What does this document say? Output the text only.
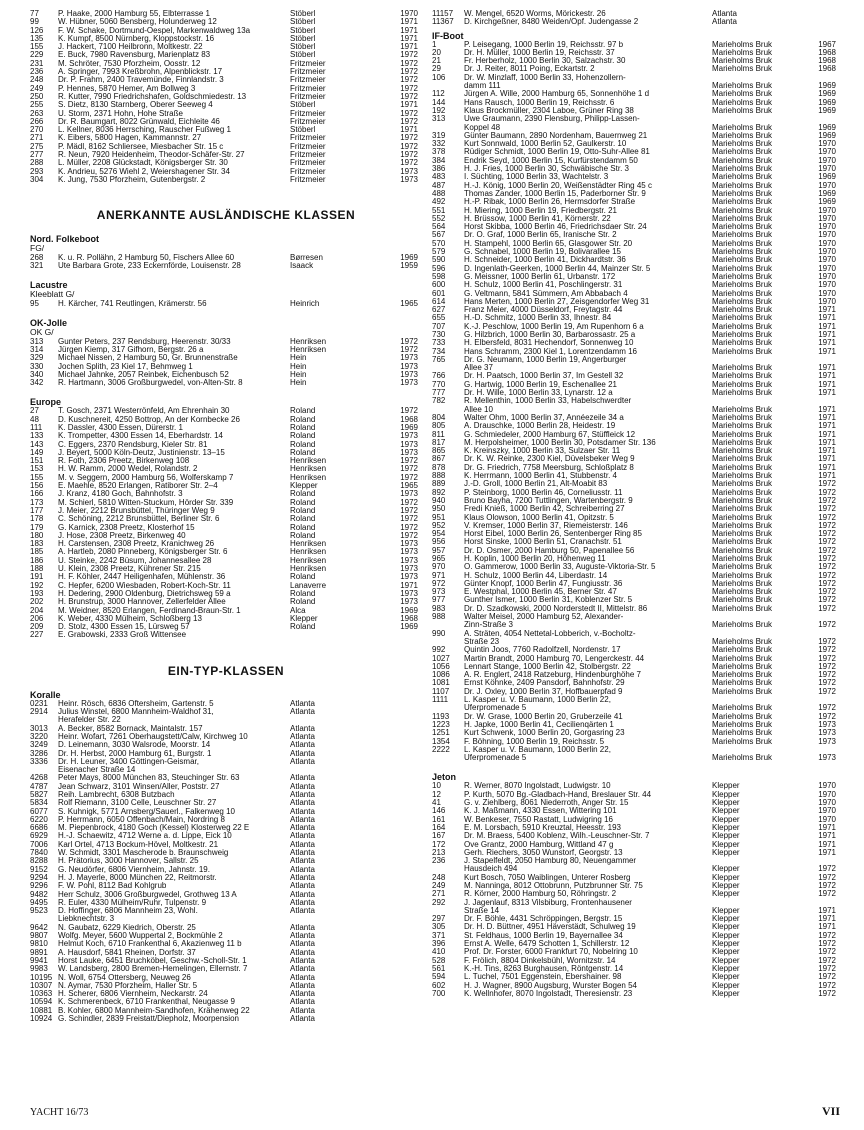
77	P. Haake, 2000 Hamburg 55, Elbterrasse 1	Stöberl	1970
99	W. Hübner, 5060 Bensberg, Holunderweg 12	Stöberl	1971
126	F. W. Schake, Dortmund-Oespel, Markenwaldweg 13a	Stöberl	1971
135	K. Kumpf, 8500 Nürnberg, Kloppstockstr. 16	Stöberl	1971
155	J. Hackert, 7100 Heilbronn, Moltkestr. 22	Stöberl	1971
229	E. Buck, 7980 Ravensburg, Marienplatz 83	Stöberl	1972
231	M. Schröter, 7530 Pforzheim, Oosstr. 12	Fritzmeier	1972
236	A. Springer, 7993 Kreßbrohn, Alpenblickstr. 17	Fritzmeier	1972
248	Dr. P. Frahm, 2400 Travemünde, Finnlandstr. 3	Fritzmeier	1972
249	P. Hennes, 5870 Hemer, Am Bollweg 3	Fritzmeier	1972
250	R. Kutter, 7990 Friedrichshafen, Goldschmiedestr. 13	Fritzmeier	1972
255	S. Dietz, 8130 Starnberg, Oberer Seeweg 4	Stöberl	1971
263	U. Storm, 2371 Hohn, Hohe Straße	Fritzmeier	1972
266	Dr. R. Baumgart, 8022 Grünwald, Eichleite 46	Fritzmeier	1972
270	L. Kellner, 8036 Herrsching, Rauscher Fußweg 1	Stöberl	1971
271	K. Eibers, 5800 Hagen, Kammannstr. 27	Fritzmeier	1972
275	P. Mädl, 8162 Schliersee, Miesbacher Str. 15 c	Fritzmeier	1972
277	R. Neun, 7920 Heidenheim, Theodor-Schäfer-Str. 27	Fritzmeier	1972
288	L. Müller, 2208 Glückstadt, Königsberger Str. 30	Fritzmeier	1972
293	K. Andrieu, 5276 Wiehl 2, Weiershagener Str. 34	Fritzmeier	1973
304	K. Jung, 7530 Pforzheim, Gutenbergstr. 2	Fritzmeier	1973
ANERKANNTE AUSLÄNDISCHE KLASSEN
Nord. Folkeboot
FG/
268	K. u. R. Pollähn, 2 Hamburg 50, Fischers Allee 60	Børresen	1969
321	Ute Barbara Grote, 233 Eckernförde, Louisenstr. 28	Isaack	1959
Lacustre
Kleeblatt G/
95	H. Kärcher, 741 Reutlingen, Krämerstr. 56	Heinrich	1965
OK-Jolle
OK G/
313	Gunter Peters, 237 Rendsburg, Heerenstr. 30/33	Henriksen	1972
314	Jürgen Kiemp, 317 Gifhorn, Bergstr. 26 a	Henriksen	1972
329	Michael Nissen, 2 Hamburg 50, Gr. Brunnenstraße	Hein	1973
330	Jochen Splith, 23 Kiel 17, Behmweg 1	Hein	1973
340	Michael Jahnke, 2057 Reinbek, Eichenbusch 52	Hein	1973
342	R. Hartmann, 3006 Großburgwedel, von-Alten-Str. 8	Hein	1973
Europe
27	T. Gosch, 2371 Westerrönfeld, Am Ehrenhain 30	Roland	1972
48	D. Kuschnereit, 4250 Bottrop, An der Kornbecke 26	Roland	1968
111	K. Dassler, 4300 Essen, Dürerstr. 1	Roland	1969
133	K. Trompetter, 4300 Essen 14, Eberhardstr. 14	Roland	1973
143	C. Eggers, 2370 Rendsburg, Kieler Str. 81	Roland	1973
149	J. Beyert, 5000 Köln-Deutz, Justinienstr. 13–15	Roland	1973
151	R. Foth, 2306 Preetz, Birkenweg 108	Henriksen	1972
153	H. W. Ramm, 2000 Wedel, Rolandstr. 2	Henriksen	1972
155	M. v. Seggern, 2000 Hamburg 56, Wolferskamp 7	Henriksen	1972
156	E. Maehle, 8520 Erlangen, Ratiborer Str. 2–4	Klepper	1965
166	J. Kranz, 4180 Goch, Bahnhofstr. 3	Roland	1973
173	M. Schierl, 5810 Witten-Stuckum, Hörder Str. 339	Roland	1972
177	J. Meier, 2212 Brunsbüttel, Thüringer Weg 9	Roland	1972
178	C. Schöning, 2212 Brunsbüttel, Berliner Str. 6	Roland	1972
179	G. Karnick, 2308 Preetz, Klosterhof 15	Roland	1972
180	J. Hose, 2308 Preetz, Birkenweg 40	Roland	1972
183	H. Carstensen, 2308 Preetz, Kranichweg 26	Henriksen	1973
185	A. Hartleb, 2080 Pinneberg, Königsberger Str. 6	Henriksen	1973
186	U. Steinke, 2242 Büsum, Johannesallee 28	Henriksen	1973
188	U. Klein, 2308 Preetz, Kührener Str. 215	Henriksen	1973
191	H. F. Köhler, 2447 Heiligenhafen, Mühlenstr. 36	Roland	1973
192	C. Hepfer, 6200 Wiesbaden, Robert-Koch-Str. 11	Lanaverre	1971
193	H. Dedering, 2900 Oldenburg, Dietrichsweg 59 a	Roland	1973
202	H. Brunstrup, 3000 Hannover, Zellerfelder Allee	Roland	1973
204	M. Weidner, 8520 Erlangen, Ferdinand-Braun-Str. 1	Alca	1969
206	K. Weber, 4330 Mülheim, Schloßberg 13	Klepper	1968
209	D. Stolz, 4300 Essen 15, Lürsweg 57	Roland	1969
227	E. Grabowski, 2333 Groß Wittensee
EIN-TYP-KLASSEN
Koralle
0231	Heinr. Rösch, 6836 Oftersheim, Gartenstr. 5	Atlanta
2914	Julius Winstel, 6800 Mannheim-Waldhof 31,	Atlanta
Herafelder Str. 22
3013	A. Becker, 8582 Bornack, Maintalstr. 157	Atlanta
3220	Heinr. Wofart, 7261 Oberhaugstett/Calw, Kirchweg 10	Atlanta
3249	D. Leinemann, 3030 Walsrode, Moorstr. 14	Atlanta
3286	Dr. H. Herbst, 2000 Hamburg 61, Burgstr. 1	Atlanta
3336	Dr. H. Leuner, 3400 Göttingen-Geismar,	Atlanta
Eisenacher Straße 14
4268	Peter Mays, 8000 München 83, Steuchinger Str. 63	Atlanta
4787	Jean Schwarz, 3101 Winsen/Aller, Poststr. 27	Atlanta
5827	Reih. Lambrecht, 6308 Butzbach	Atlanta
5834	Rolf Riemann, 3100 Celle, Leuschner Str. 27	Atlanta
6077	S. Kuhnigk, 5771 Arnsberg/Sauerl., Falkenweg 10	Atlanta
6220	P. Herrmann, 6050 Offenbach/Main, Nordring 8	Atlanta
6686	M. Piepenbrock, 4180 Goch (Kessel) Klosterweg 22 E	Atlanta
6929	H.-J. Schaewitz, 4712 Werne a. d. Lippe, Eick 10	Atlanta
7006	Karl Ortel, 4713 Bockum-Hövel, Moltkestr. 21	Atlanta
7840	W. Schmidt, 3301 Mascherode b. Braunschweig	Atlanta
8288	H. Prätorius, 3000 Hannover, Sallstr. 25	Atlanta
9152	G. Neudörfer, 6806 Viernheim, Jahnstr. 19.	Atlanta
9294	H. J. Mayerle, 8000 München 22, Reitmorstr.	Atlanta
9296	F. W. Pohl, 8112 Bad Kohlgrub	Atlanta
9482	Herr Schulz, 3006 Großburgwedel, Grothweg 13 A	Atlanta
9495	R. Euler, 4330 Mülheim/Ruhr, Tulpenstr. 9	Atlanta
9523	D. Hoffinger, 6806 Mannheim 23, Wohl.	Atlanta
Liebknechtstr. 3
9642	N. Gaubatz, 6229 Kiedrich, Oberstr. 25	Atlanta
9807	Wolfg. Meyer, 5600 Wuppertal 2, Bockmühle 2	Atlanta
9810	Helmut Koch, 6710 Frankenthal 6, Akazienweg 11 b	Atlanta
9891	A. Hausdorf, 5841 Rheinen, Dorfstr. 37	Atlanta
9941	Horst Lauke, 6451 Bruchköbel, Geschw.-Scholl-Str. 1	Atlanta
9983	W. Landsberg, 2800 Bremen-Hemelingen, Ellernstr. 7	Atlanta
10195 N. Woll, 6754 Ottersberg, Neuweg 26	Atlanta
10307 N. Aymar, 7530 Pforzheim, Haller Str. 5	Atlanta
10363 H. Scherer, 6806 Viernheim, Neckarstr. 24	Atlanta
10594 K. Schmerenbeck, 6710 Frankenthal, Neugasse 9	Atlanta
10881 B. Kohler, 6800 Mannheim-Sandhofen, Krähenweg 22	Atlanta
10924 G. Schindler, 2839 Freistatt/Diepholz, Moorpension	Atlanta
11157	W. Mengel, 6520 Worms, Mörickestr. 26	Atlanta
11367	D. Kirchgeßner, 8480 Weiden/Opf. Judengasse 2	Atlanta
IF-Boot
1	P. Leisegang, 1000 Berlin 19, Reichsstr. 97 b	Marieholms Bruk	1967
20	Dr. H. Müller, 1000 Berlin 19, Reichsstr. 37	Marieholms Bruk	1968
21	Fr. Herberholz, 1000 Berlin 30, Salzachstr. 30	Marieholms Bruk	1968
29	Dr. J. Reiter, 8011 Poing, Eckartstr. 2	Marieholms Bruk	1968
106	Dr. W. Minzlaff, 1000 Berlin 33, Hohenzollern-
damm 111	Marieholms Bruk	1969
112	Jürgen A. Wille, 2000 Hamburg 65, Sonnenhöhe 1 d	Marieholms Bruk	1969
144	Hans Rausch, 1000 Berlin 19, Reichsstr. 6	Marieholms Bruk	1969
192	Klaus Brockmüller, 2304 Laboe, Grüner Ring 38	Marieholms Bruk	1969
313	Uwe Graumann, 2390 Flensburg, Philipp-Lassen-
Koppel 48	Marieholms Bruk	1969
319	Günter Baumann, 2890 Nordenham, Bauernweg 21	Marieholms Bruk	1969
332	Kurt Sonnwald, 1000 Berlin 52, Gaulkerstr. 10	Marieholms Bruk	1970
378	Rüdiger Schmidt, 1000 Berlin 19, Otto-Suhr-Allee 81	Marieholms Bruk	1970
384	Endrik Seyd, 1000 Berlin 15, Kurfürstendamm 50	Marieholms Bruk	1970
386	H. J. Fries, 1000 Berlin 30, Schwäbische Str. 3	Marieholms Bruk	1970
483	I. Süchting, 1000 Berlin 33, Wachtelstr. 3	Marieholms Bruk	1969
487	H.-J. König, 1000 Berlin 20, Weißenstädter Ring 45 c	Marieholms Bruk	1970
488	Thomas Zander, 1000 Berlin 15, Paderborner Str. 9	Marieholms Bruk	1969
492	H.-P. Ribak, 1000 Berlin 26, Hermsdorfer Straße	Marieholms Bruk	1969
551	H. Miering, 1000 Berlin 19, Friedbergstr. 21	Marieholms Bruk	1970
552	H. Brüssow, 1000 Berlin 41, Körnerstr. 22	Marieholms Bruk	1970
564	Horst Skibba, 1000 Berlin 46, Friedrichsdaer Str. 24	Marieholms Bruk	1970
567	Dr. O. Graf, 1000 Berlin 65, Iranische Str. 2	Marieholms Bruk	1970
570	H. Stampehl, 1000 Berlin 65, Glasgower Str. 20	Marieholms Bruk	1970
579	G. Schnabel, 1000 Berlin 19, Bolivarallee 15	Marieholms Bruk	1970
590	H. Schneider, 1000 Berlin 41, Dickhardtstr. 36	Marieholms Bruk	1970
596	D. Ingenlath-Geerken, 1000 Berlin 44, Mainzer Str. 5	Marieholms Bruk	1970
598	G. Meissner, 1000 Berlin 61, Urbanstr. 172	Marieholms Bruk	1970
600	H. Schulz, 1000 Berlin 41, Poschlingerstr. 31	Marieholms Bruk	1970
601	G. Veltmann, 5841 Sümmern, Am Abbabach 4	Marieholms Bruk	1970
614	Hans Merten, 1000 Berlin 27, Zeisgendorfer Weg 31	Marieholms Bruk	1970
627	Franz Meier, 4000 Düsseldorf, Freytagstr. 44	Marieholms Bruk	1971
655	H.-D. Schmitz, 1000 Berlin 33, Ihnestr. 84	Marieholms Bruk	1971
707	K.-J. Peschlow, 1000 Berlin 19, Am Rupenhorn 6 a	Marieholms Bruk	1971
730	G. Hilzbrich, 1000 Berlin 30, Barbarossastr. 25 a	Marieholms Bruk	1971
733	H. Elbersfeld, 8031 Hechendorf, Sonnenweg 10	Marieholms Bruk	1971
734	Hans Schramm, 2300 Kiel 1, Lorentzendamm 16	Marieholms Bruk	1971
765	Dr. G. Neumann, 1000 Berlin 19, Angerburger
Allee 37	Marieholms Bruk	1971
766	Dr. H. Paatsch, 1000 Berlin 37, Im Gestell 32	Marieholms Bruk	1971
770	G. Hartwig, 1000 Berlin 19, Eschenallee 21	Marieholms Bruk	1971
777	Dr. H. Wille, 1000 Berlin 33, Lynarstr. 12 a	Marieholms Bruk	1971
782	R. Mellenthin, 1000 Berlin 33, Habelschwerdter
Allee 10	Marieholms Bruk	1971
804	Walter Ohm, 1000 Berlin 37, Annéezeile 34 a	Marieholms Bruk	1971
805	A. Drauschke, 1000 Berlin 28, Heidestr. 19	Marieholms Bruk	1971
811	G. Schmiedeler, 2000 Hamburg 67, Stüffleick 12	Marieholms Bruk	1971
817	M. Herpolsheimer, 1000 Berlin 30, Potsdamer Str. 136	Marieholms Bruk	1971
865	K. Kreinszky, 1000 Berlin 33, Sulzaer Str. 11	Marieholms Bruk	1971
867	Dr. K. W. Reinke, 2300 Kiel, Düvelsbeker Weg 9	Marieholms Bruk	1971
878	Dr. G. Friedrich, 7758 Meersburg, Schloßplatz 8	Marieholms Bruk	1971
888	K. Herrmann, 1000 Berlin 41, Stubbenstr. 4	Marieholms Bruk	1971
889	J.-D. Groll, 1000 Berlin 21, Alt-Moabit 83	Marieholms Bruk	1972
892	P. Steinborg, 1000 Berlin 46, Corneliusstr. 11	Marieholms Bruk	1972
940	Bruno Bayha, 7200 Tuttlingen, Wartenbergstr. 9	Marieholms Bruk	1972
950	Fredi Knieß, 1000 Berlin 42, Schreiberring 27	Marieholms Bruk	1972
951	Klaus Olowson, 1000 Berlin 41, Opitzstr. 5	Marieholms Bruk	1972
952	V. Kremser, 1000 Berlin 37, Riemeisterstr. 146	Marieholms Bruk	1972
954	Horst Eibel, 1000 Berlin 26, Sentenberger Ring 85	Marieholms Bruk	1972
956	Horst Sinske, 1000 Berlin 51, Cranachstr. 51	Marieholms Bruk	1972
957	Dr. D. Osmer, 2000 Hamburg 50, Papenallee 56	Marieholms Bruk	1972
965	H. Koplin, 1000 Berlin 20, Höhenweg 11	Marieholms Bruk	1972
970	O. Gammerow, 1000 Berlin 33, Auguste-Viktoria-Str. 5	Marieholms Bruk	1972
971	H. Schulz, 1000 Berlin 44, Liberdastr. 14	Marieholms Bruk	1972
972	Günter Knopf, 1000 Berlin 47, Fungiusstr. 36	Marieholms Bruk	1972
973	E. Westphal, 1000 Berlin 45, Berner Str. 47	Marieholms Bruk	1972
977	Gunther Ismer, 1000 Berlin 31, Koblenzer Str. 5	Marieholms Bruk	1972
983	Dr. D. Szadkowski, 2000 Norderstedt II, Mittelstr. 86	Marieholms Bruk	1972
988	Walter Meisel, 2000 Hamburg 52, Alexander-
Zinn-Straße 3	Marieholms Bruk	1972
990	A. Sträten, 4054 Nettetal-Lobberich, v.-Bocholtz-
Straße 23	Marieholms Bruk	1972
992	Quintin Joos, 7760 Radolfzell, Nordenstr. 17	Marieholms Bruk	1972
1027	Martin Brandt, 2000 Hamburg 70, Lengerckestr. 44	Marieholms Bruk	1972
1056	Lennart Stange, 1000 Berlin 42, Stolbergstr. 22	Marieholms Bruk	1972
1086	A. R. Englert, 2418 Ratzeburg, Hindenburghöhe 7	Marieholms Bruk	1972
1081	Ernst Köhnke, 2409 Pansdorf, Bahnhofstr. 29	Marieholms Bruk	1972
1107	Dr. J. Oxley, 1000 Berlin 37, Hoffbauerpfad 9	Marieholms Bruk	1972
1111	L. Kasper u. V. Baumann, 1000 Berlin 22,
Uferpromenade 5	Marieholms Bruk	1972
1193	Dr. W. Grase, 1000 Berlin 20, Gruberzeile 41	Marieholms Bruk	1972
1223	H. Japke, 1000 Berlin 41, Cecilienqärten 1	Marieholms Bruk	1973
1251	Kurt Schwenk, 1000 Berlin 20, Gorgasring 23	Marieholms Bruk	1973
1354	F. Böhning, 1000 Berlin 19, Reichsstr. 5	Marieholms Bruk	1973
2222	L. Kasper u. V. Baumann, 1000 Berlin 22,
Uferpromenade 5	Marieholms Bruk	1973
Jeton
10	R. Werner, 8070 Ingolstadt, Ludwigstr. 10	Klepper	1970
12	P. Kurth, 5070 Bg.-Gladbach-Hand, Breslauer Str. 44	Klepper	1970
41	G. v. Ziehlberg, 8061 Niederroth, Anger Str. 15	Klepper	1970
146	K. J. Maßmann, 4330 Essen, Wittering 101	Klepper	1970
161	W. Benkeser, 7550 Rastatt, Ludwigring 16	Klepper	1970
164	E. M. Lorsbach, 5910 Kreuztal, Heesstr. 193	Klepper	1971
167	Dr. M. Braess, 5400 Koblenz, Wilh.-Leuschner-Str. 7	Klepper	1971
172	Ove Grantz, 2000 Hamburg, Wittland 47 g	Klepper	1971
213	Gerh. Riechers, 3050 Wunstorf, Georgstr. 13	Klepper	1971
236	J. Stapelfeldt, 2050 Hamburg 80, Neuengammer
Hausdeich 494	Klepper	1972
248	Kurt Bosch, 7050 Waiblingen, Unterer Rosberg	Klepper	1972
249	M. Nanninga, 8012 Ottobrunn, Putzbrunner Str. 75	Klepper	1972
271	R. Körner, 2000 Hamburg 50, Röhringstr. 2	Klepper	1972
292	J. Jagenlauf, 8313 Vilsbiburg, Frontenhausener
Straße 14	Klepper	1971
297	Dr. F. Böhle, 4431 Schröppingen, Bergstr. 15	Klepper	1971
305	Dr. H. D. Büttner, 4951 Häverstädt, Schulweg 19	Klepper	1971
371	St. Feldhaus, 1000 Berlin 19, Bayernallee 34	Klepper	1972
396	Ernst A. Welle, 6479 Schotten 1, Schillerstr. 12	Klepper	1972
410	Prof. Dr. Forster, 6000 Frankfurt 70, Nobelring 10	Klepper	1972
528	F. Frölich, 8804 Dinkelsbühl, Wornitzstr. 14	Klepper	1972
561	K.-H. Tins, 8263 Burghausen, Röntgenstr. 14	Klepper	1972
594	L. Tuchel, 7501 Eggenstein, Ebershainer. 98	Klepper	1972
602	H. J. Wagner, 8900 Augsburg, Wurster Bogen 54	Klepper	1972
700	K. Wellnhofer, 8070 Ingolstadt, Theresienstr. 23	Klepper	1972
YACHT 16/73	VII
